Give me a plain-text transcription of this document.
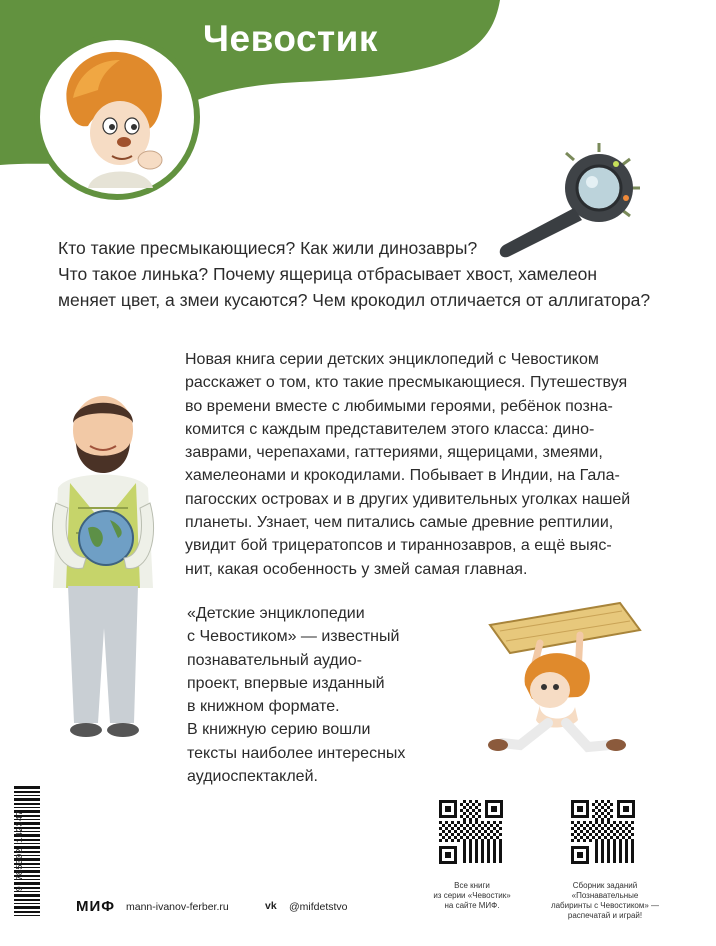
Чевостик
Кто такие пресмыкающиеся? Как жили динозавры?
Что такое линька? Почему ящерица отбрасывает хвост, хамелеон
меняет цвет, а змеи кусаются? Чем крокодил отличается от аллигатора?
Новая книга серии детских энциклопедий с Чевостиком
расскажет о том, кто такие пресмыкающиеся. Путешествуя
во времени вместе с любимыми героями, ребёнок позна-
комится с каждым представителем этого класса: дино-
заврами, черепахами, гаттериями, ящерицами, змеями,
хамелеонами и крокодилами. Побывает в Индии, на Гала-
пагосских островах и в других удивительных уголках нашей
планеты. Узнает, чем питались самые древние рептилии,
увидит бой трицератопсов и тираннозавров, а ещё выяс-
нит, какая особенность у змей самая главная.
«Детские энциклопедии
с Чевостиком» — известный
познавательный аудио-
проект, впервые изданный
в книжном формате.
В книжную серию вошли
тексты наиболее интересных
аудиоспектаклей.
9 785002 142347	Все книги
из серии «Чевостик»
на сайте МИФ.
Сборник заданий «Познавательные
лабиринты с Чевостиком» —
распечатай и играй!
МИФ mann-ivanov-ferber.ru	vk @mifdetstvo
